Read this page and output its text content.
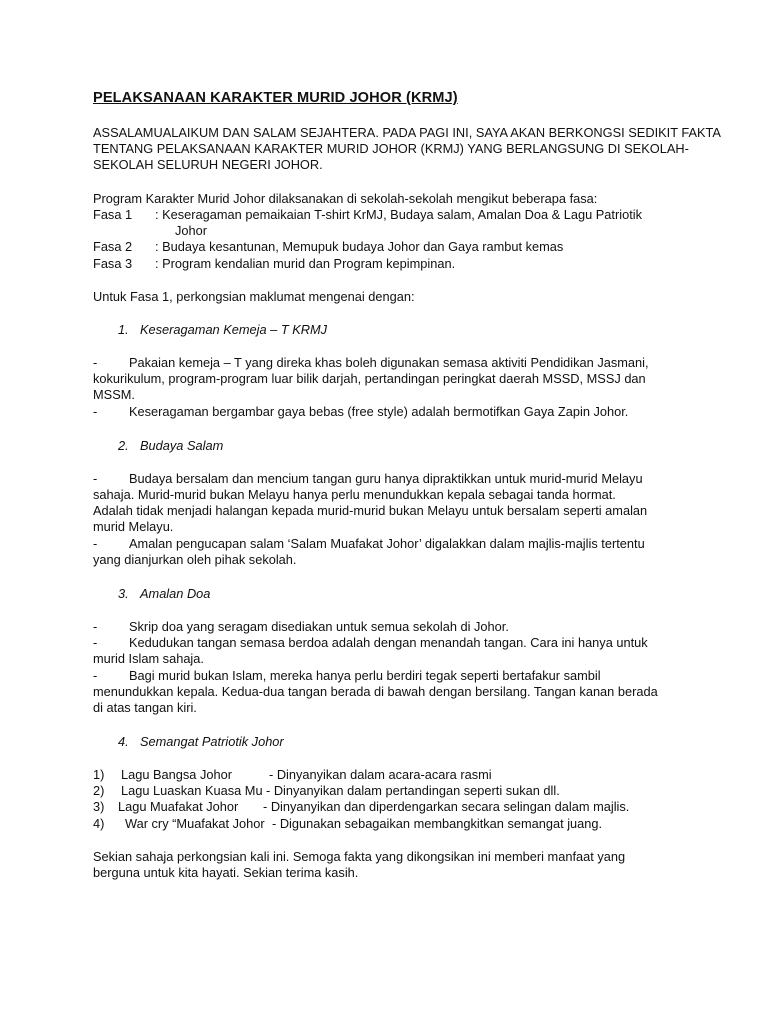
PELAKSANAAN KARAKTER MURID JOHOR (KRMJ)
ASSALAMUALAIKUM DAN SALAM SEJAHTERA. PADA PAGI INI, SAYA AKAN BERKONGSI SEDIKIT FAKTA
TENTANG PELAKSANAAN KARAKTER MURID JOHOR (KRMJ) YANG BERLANGSUNG DI SEKOLAH-
SEKOLAH SELURUH NEGERI JOHOR.
Program Karakter Murid Johor dilaksanakan di sekolah-sekolah mengikut beberapa fasa:
Fasa 1 : Keseragaman pemaikaian T-shirt KrMJ, Budaya salam, Amalan Doa & Lagu Patriotik
Johor
Fasa 2 : Budaya kesantunan, Memupuk budaya Johor dan Gaya rambut kemas
Fasa 3 : Program kendalian murid dan Program kepimpinan.
Untuk Fasa 1, perkongsian maklumat mengenai dengan:
1. Keseragaman Kemeja – T KRMJ
- Pakaian kemeja – T yang direka khas boleh digunakan semasa aktiviti Pendidikan Jasmani,
kokurikulum, program-program luar bilik darjah, pertandingan peringkat daerah MSSD, MSSJ dan
MSSM.
- Keseragaman bergambar gaya bebas (free style) adalah bermotifkan Gaya Zapin Johor.
2. Budaya Salam
- Budaya bersalam dan mencium tangan guru hanya dipraktikkan untuk murid-murid Melayu
sahaja. Murid-murid bukan Melayu hanya perlu menundukkan kepala sebagai tanda hormat.
Adalah tidak menjadi halangan kepada murid-murid bukan Melayu untuk bersalam seperti amalan
murid Melayu.
- Amalan pengucapan salam ‘Salam Muafakat Johor’ digalakkan dalam majlis-majlis tertentu
yang dianjurkan oleh pihak sekolah.
3. Amalan Doa
- Skrip doa yang seragam disediakan untuk semua sekolah di Johor.
- Kedudukan tangan semasa berdoa adalah dengan menandah tangan. Cara ini hanya untuk
murid Islam sahaja.
- Bagi murid bukan Islam, mereka hanya perlu berdiri tegak seperti bertafakur sambil
menundukkan kepala. Kedua-dua tangan berada di bawah dengan bersilang. Tangan kanan berada
di atas tangan kiri.
4. Semangat Patriotik Johor
1) Lagu Bangsa Johor	- Dinyanyikan dalam acara-acara rasmi
2) Lagu Luaskan Kuasa Mu - Dinyanyikan dalam pertandingan seperti sukan dll.
3) Lagu Muafakat Johor - Dinyanyikan dan diperdengarkan secara selingan dalam majlis.
4) War cry “Muafakat Johor - Digunakan sebagaikan membangkitkan semangat juang.
Sekian sahaja perkongsian kali ini. Semoga fakta yang dikongsikan ini memberi manfaat yang
berguna untuk kita hayati. Sekian terima kasih.
